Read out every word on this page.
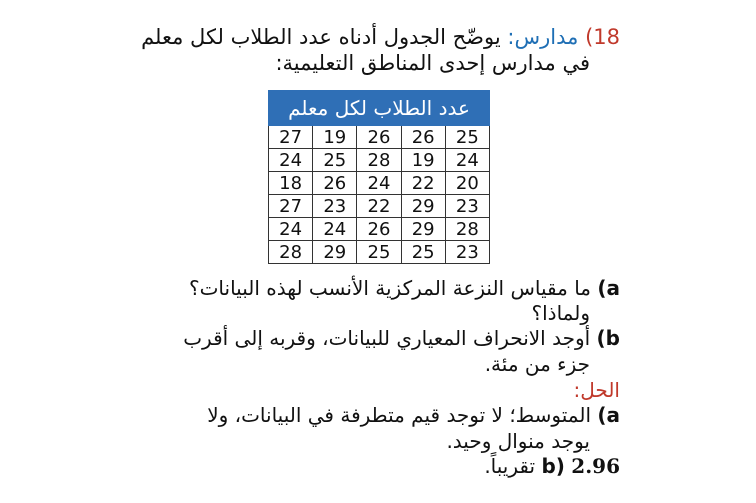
18) مدارس: يوضّح الجدول أدناه عدد الطلاب لكل معلم
في مدارس إحدى المناطق التعليمية:
عدد الطلاب لكل معلم				
27	19	26	26	25
24	25	28	19	24
18	26	24	22	20
27	23	22	29	23
24	24	26	29	28
28	29	25	25	23
a) ما مقياس النزعة المركزية الأنسب لهذه البيانات؟
ولماذا؟
b) أوجد الانحراف المعياري للبيانات، وقربه إلى أقرب
جزء من مئة.
الحل:
a) المتوسط؛ لا توجد قيم متطرفة في البيانات، ولا
يوجد منوال وحيد.
b) 2.96 تقريباً.
